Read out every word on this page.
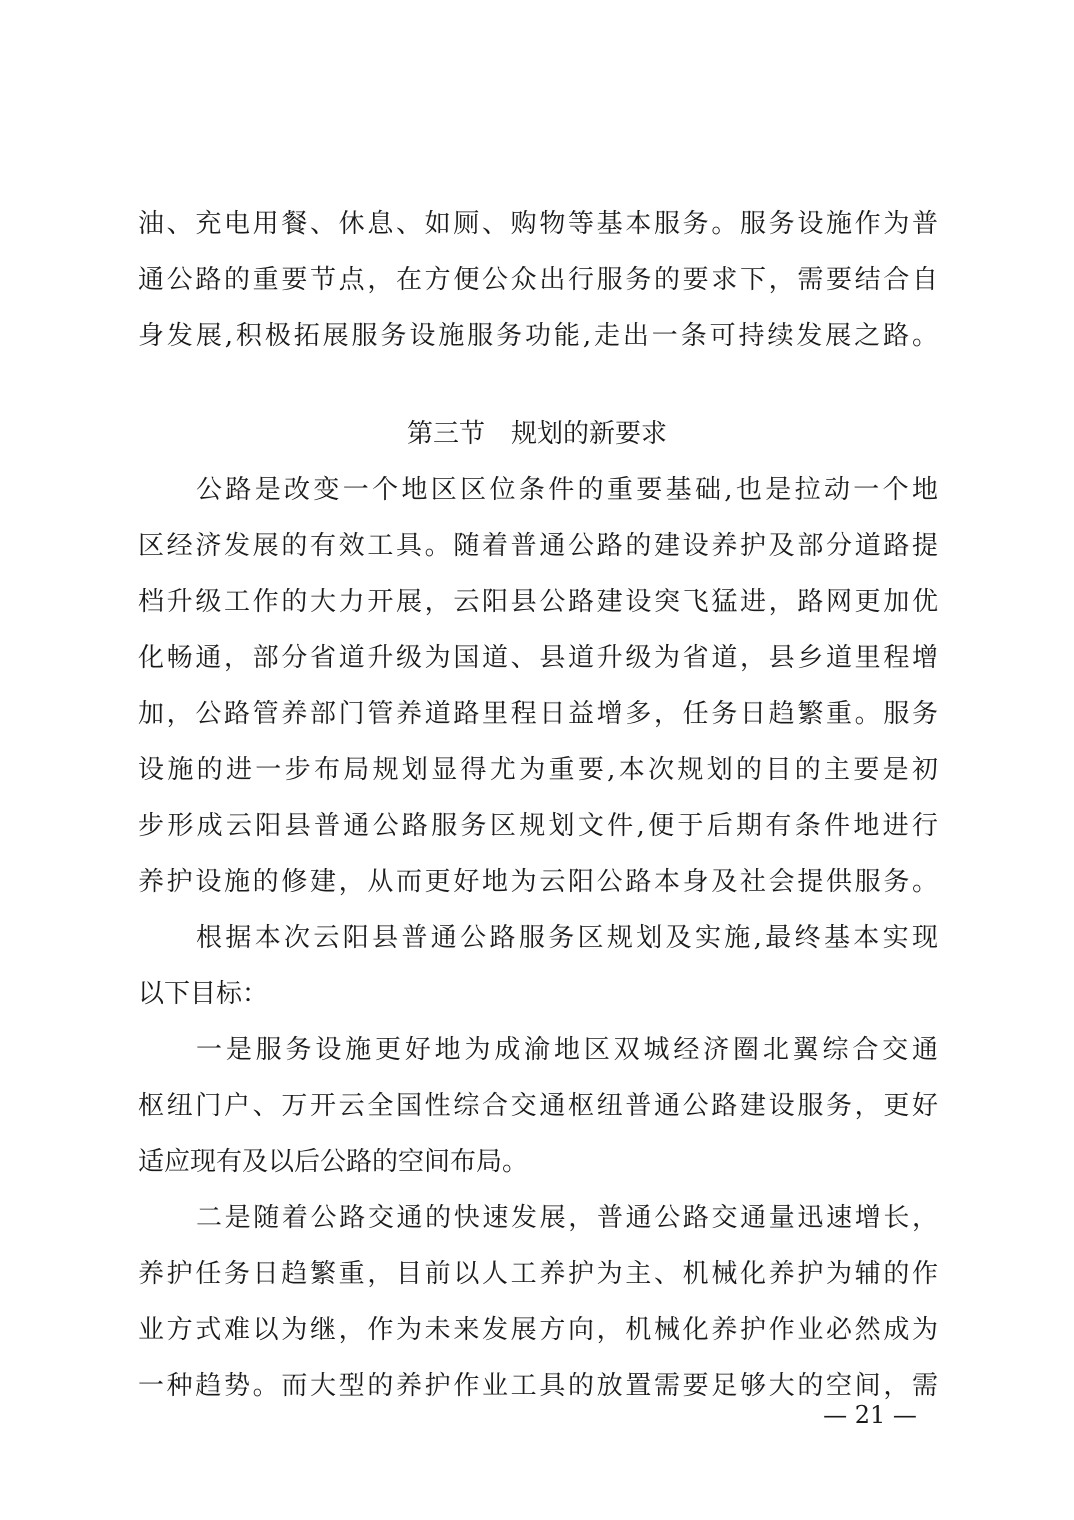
油、充电用餐、休息、如厕、购物等基本服务。服务设施作为普
通公路的重要节点，在方便公众出行服务的要求下，需要结合自
身发展,积极拓展服务设施服务功能,走出一条可持续发展之路。
第三节　规划的新要求
公路是改变一个地区区位条件的重要基础,也是拉动一个地
区经济发展的有效工具。随着普通公路的建设养护及部分道路提
档升级工作的大力开展，云阳县公路建设突飞猛进，路网更加优
化畅通，部分省道升级为国道、县道升级为省道，县乡道里程增
加，公路管养部门管养道路里程日益增多，任务日趋繁重。服务
设施的进一步布局规划显得尤为重要,本次规划的目的主要是初
步形成云阳县普通公路服务区规划文件,便于后期有条件地进行
养护设施的修建，从而更好地为云阳公路本身及社会提供服务。
根据本次云阳县普通公路服务区规划及实施,最终基本实现
以下目标：
一是服务设施更好地为成渝地区双城经济圈北翼综合交通
枢纽门户、万开云全国性综合交通枢纽普通公路建设服务，更好
适应现有及以后公路的空间布局。
二是随着公路交通的快速发展，普通公路交通量迅速增长，
养护任务日趋繁重，目前以人工养护为主、机械化养护为辅的作
业方式难以为继，作为未来发展方向，机械化养护作业必然成为
一种趋势。而大型的养护作业工具的放置需要足够大的空间，需
— 21 —
